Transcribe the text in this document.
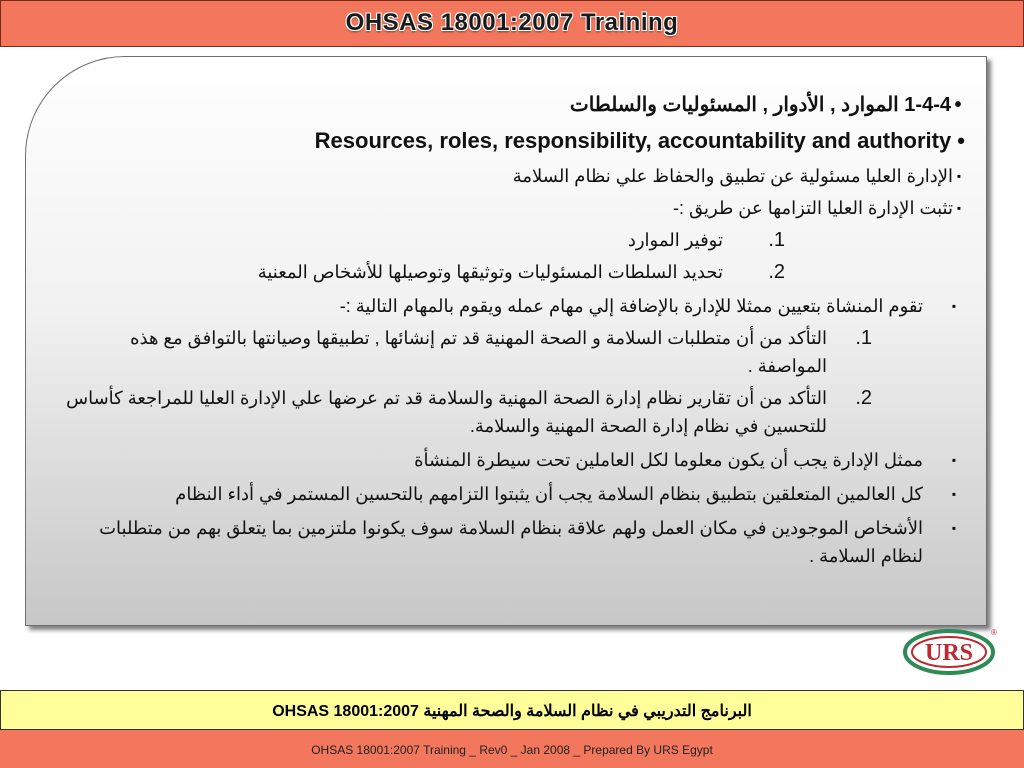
OHSAS 18001:2007 Training
•
1-4-4 الموارد , الأدوار , المسئوليات والسلطات
Resources, roles, responsibility, accountability and authority •
▪
الإدارة العليا مسئولية عن تطبيق والحفاظ علي نظام السلامة
▪
تثبت الإدارة العليا التزامها عن طريق :-
1.
توفير الموارد
2.
تحديد السلطات المسئوليات وتوثيقها وتوصيلها للأشخاص المعنية
▪
تقوم المنشاة بتعيين ممثلا للإدارة بالإضافة إلي مهام عمله ويقوم بالمهام التالية :-
1.
التأكد من أن متطلبات السلامة و الصحة المهنية قد تم إنشائها , تطبيقها وصيانتها بالتوافق مع هذه المواصفة .
2.
التأكد من أن تقارير نظام إدارة الصحة المهنية والسلامة قد تم عرضها علي الإدارة العليا للمراجعة كأساس للتحسين في نظام إدارة الصحة المهنية والسلامة.
▪
ممثل الإدارة يجب أن يكون معلوما لكل العاملين تحت سيطرة المنشأة
▪
كل العالمين المتعلقين بتطبيق بنظام السلامة يجب أن يثبتوا التزامهم بالتحسين المستمر في أداء النظام
▪
الأشخاص الموجودين في مكان العمل ولهم علاقة بنظام السلامة سوف يكونوا ملتزمين بما يتعلق بهم من متطلبات لنظام السلامة .
URS
®
البرنامج التدريبي في نظام السلامة والصحة المهنية OHSAS 18001:2007
OHSAS 18001:2007 Training _ Rev0 _ Jan 2008 _ Prepared By URS Egypt
